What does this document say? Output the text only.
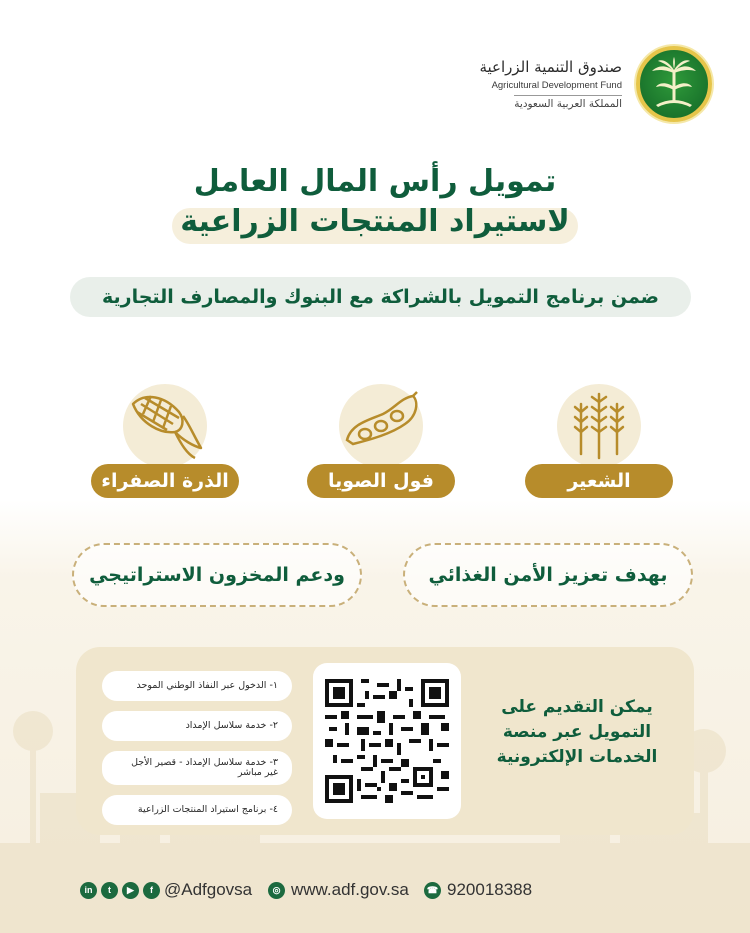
صندوق التنمية الزراعية
Agricultural Development Fund
المملكة العربية السعودية
تمويل رأس المال العامل
لاستيراد المنتجات الزراعية
ضمن برنامج التمويل بالشراكة مع البنوك والمصارف التجارية
الشعير
فول الصويا
الذرة الصفراء
بهدف تعزيز الأمن الغذائي
ودعم المخزون الاستراتيجي
يمكن التقديم على
التمويل عبر منصة
الخدمات الإلكترونية
١- الدخول عبر النفاذ الوطني الموحد
٢- خدمة سلاسل الإمداد
٣- خدمة سلاسل الإمداد - قصير الأجل غير مباشر
٤- برنامج استيراد المنتجات الزراعية
☎ 920018388
◎ www.adf.gov.sa
in	t	▶	f @Adfgovsa
